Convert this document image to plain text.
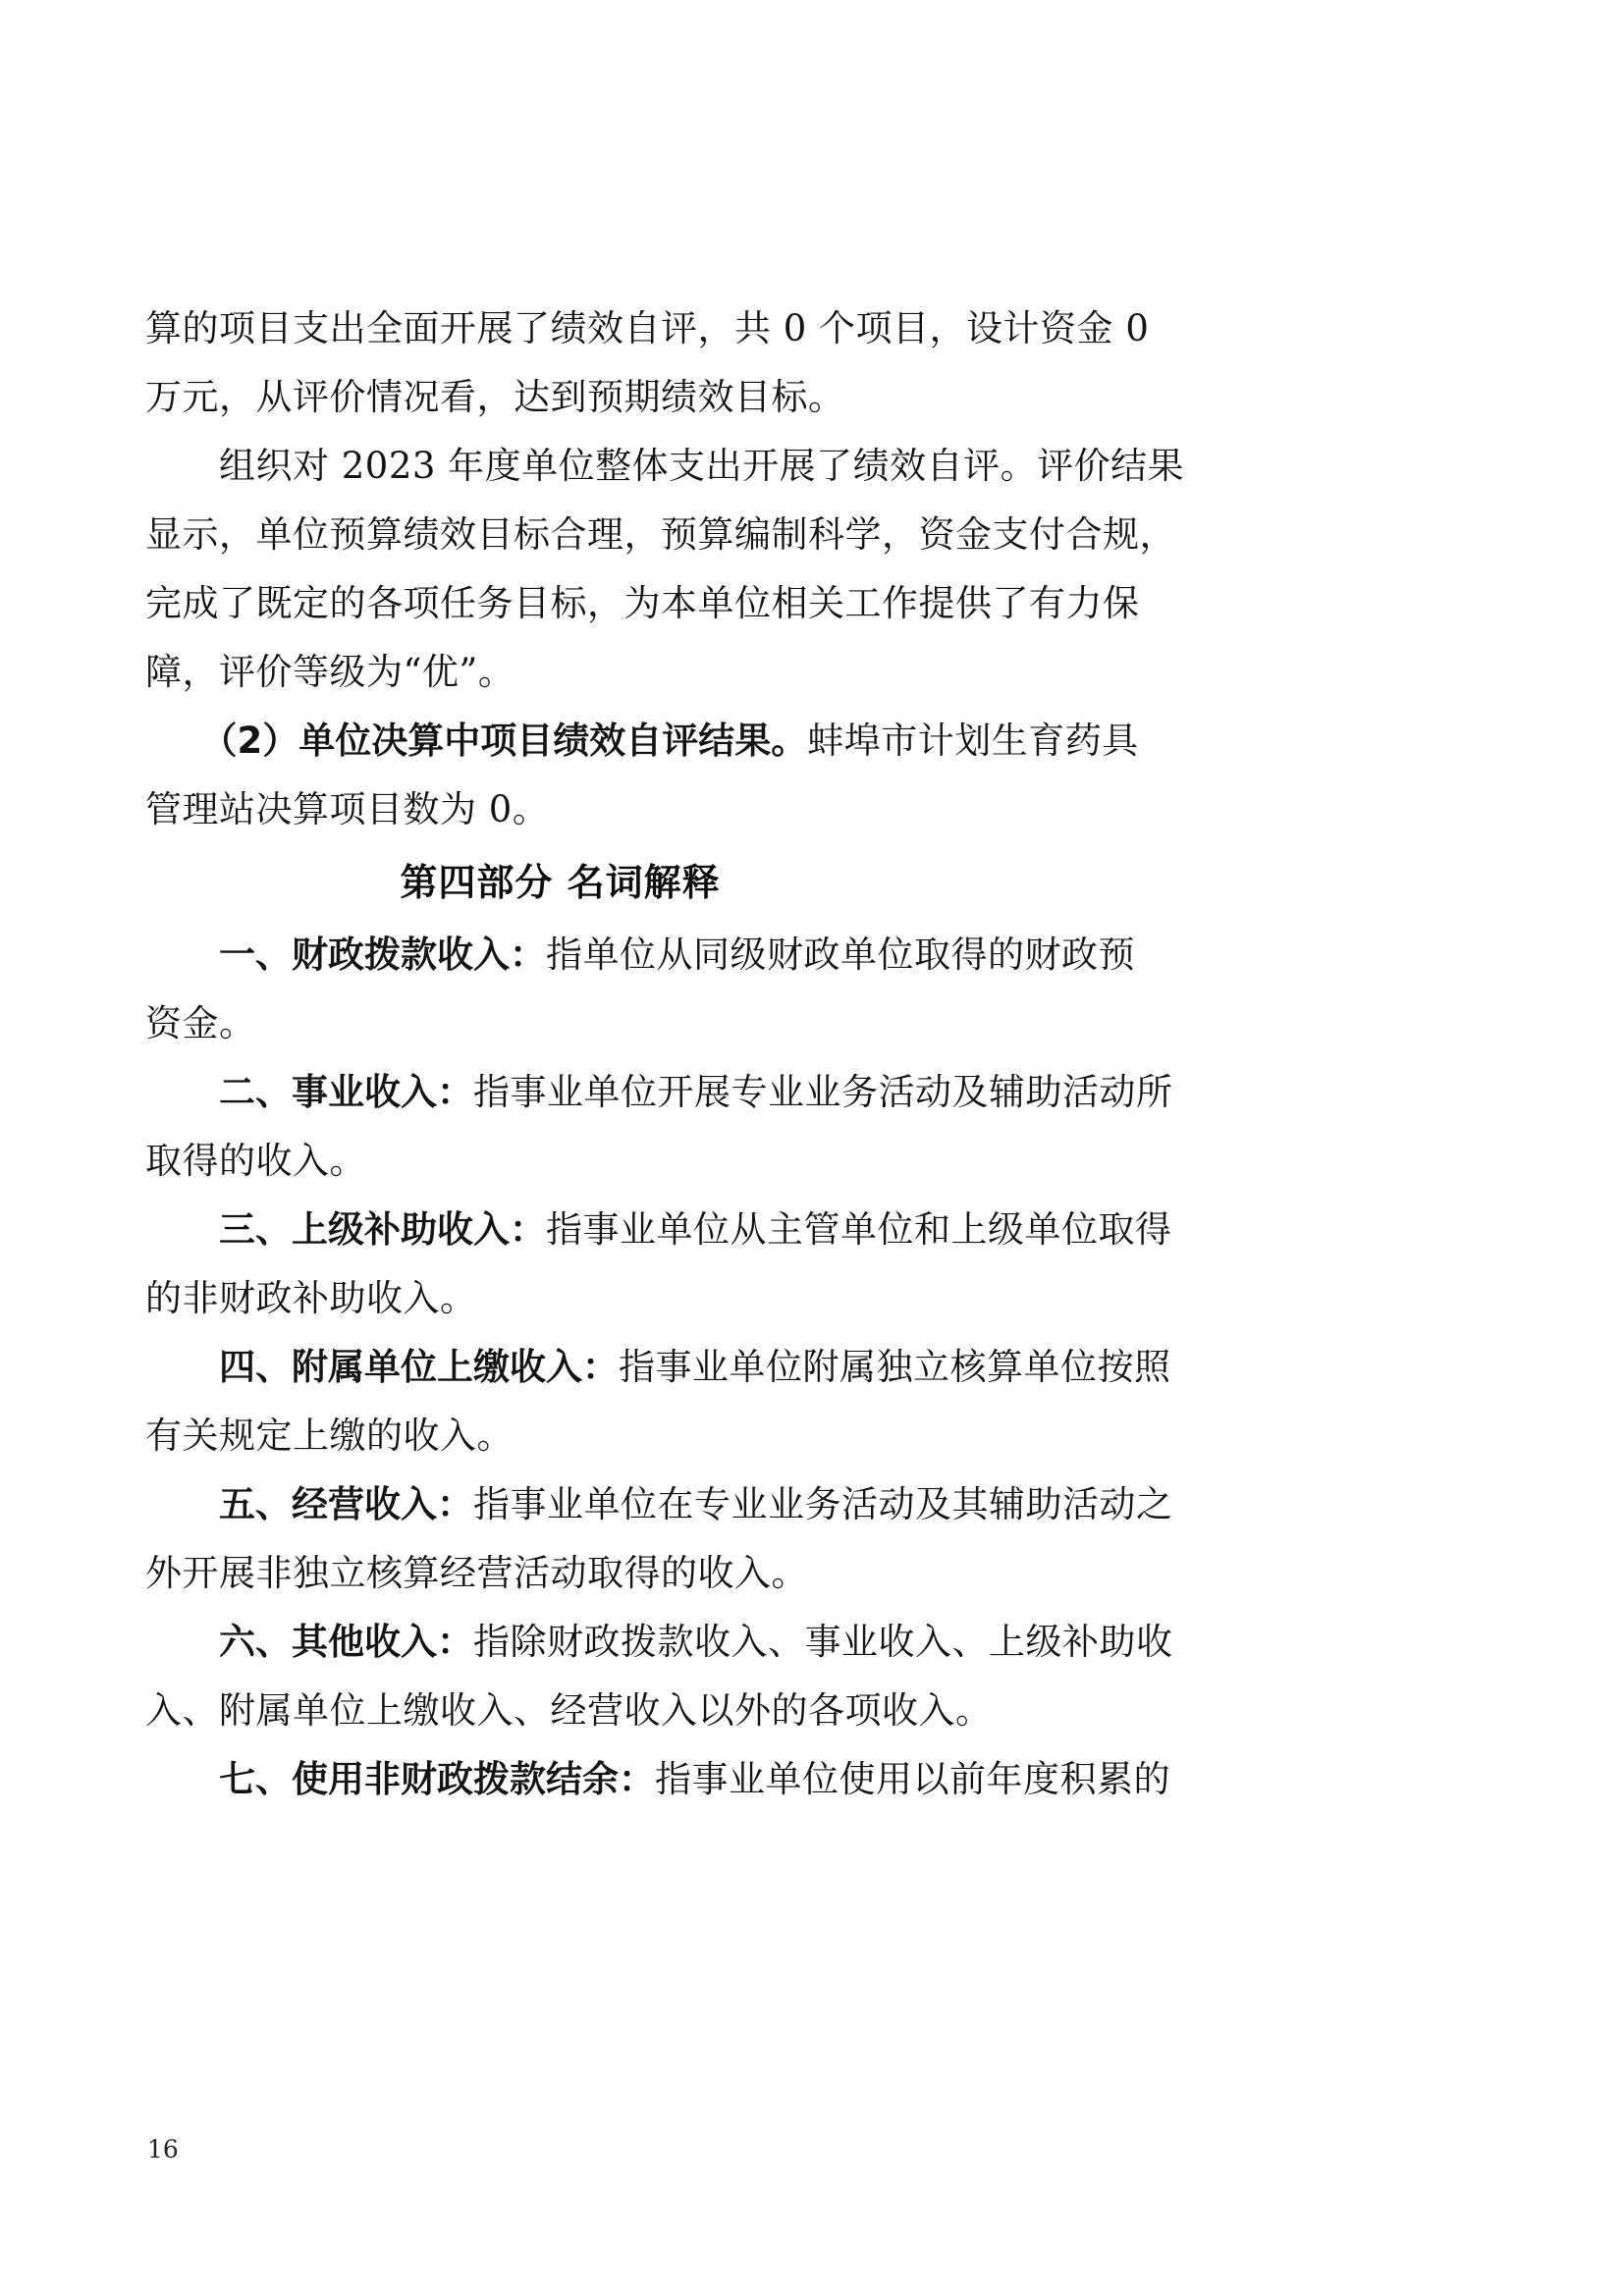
算的项目支出全面开展了绩效自评，共 0 个项目，设计资金 0
万元，从评价情况看，达到预期绩效目标。
　　组织对 2023 年度单位整体支出开展了绩效自评。评价结果
显示，单位预算绩效目标合理，预算编制科学，资金支付合规，
完成了既定的各项任务目标，为本单位相关工作提供了有力保
障，评价等级为“优”。
　　（2）单位决算中项目绩效自评结果。蚌埠市计划生育药具
管理站决算项目数为 0。
第四部分 名词解释
　　一、财政拨款收入：指单位从同级财政单位取得的财政预
资金。
　　二、事业收入：指事业单位开展专业业务活动及辅助活动所
取得的收入。
　　三、上级补助收入：指事业单位从主管单位和上级单位取得
的非财政补助收入。
　　四、附属单位上缴收入：指事业单位附属独立核算单位按照
有关规定上缴的收入。
　　五、经营收入：指事业单位在专业业务活动及其辅助活动之
外开展非独立核算经营活动取得的收入。
　　六、其他收入：指除财政拨款收入、事业收入、上级补助收
入、附属单位上缴收入、经营收入以外的各项收入。
　　七、使用非财政拨款结余：指事业单位使用以前年度积累的
16
